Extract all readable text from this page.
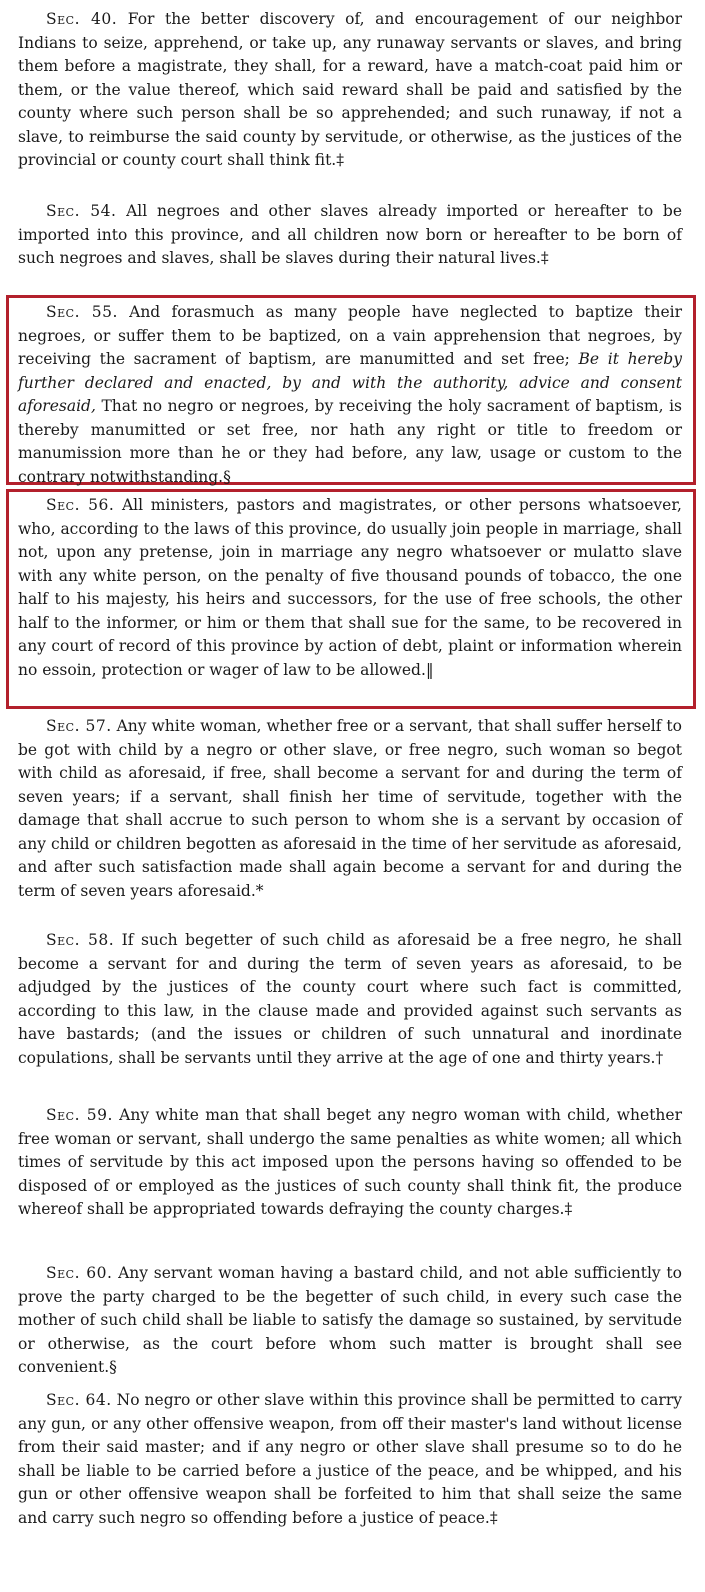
Sec. 40. For the better discovery of, and encouragement of our neighbor Indians to seize, apprehend, or take up, any runaway servants or slaves, and bring them before a magistrate, they shall, for a reward, have a match-coat paid him or them, or the value thereof, which said reward shall be paid and satisfied by the county where such person shall be so apprehended; and such runaway, if not a slave, to reimburse the said county by servitude, or otherwise, as the justices of the provincial or county court shall think fit.‡

Sec. 54. All negroes and other slaves already imported or hereafter to be imported into this province, and all children now born or hereafter to be born of such negroes and slaves, shall be slaves during their natural lives.‡

Sec. 55. And forasmuch as many people have neglected to baptize their negroes, or suffer them to be baptized, on a vain apprehension that negroes, by receiving the sacrament of baptism, are manumitted and set free; Be it hereby further declared and enacted, by and with the authority, advice and consent aforesaid, That no negro or negroes, by receiving the holy sacrament of baptism, is thereby manumitted or set free, nor hath any right or title to freedom or manumission more than he or they had before, any law, usage or custom to the contrary notwithstanding.§

Sec. 56. All ministers, pastors and magistrates, or other persons whatsoever, who, according to the laws of this province, do usually join people in marriage, shall not, upon any pretense, join in marriage any negro whatsoever or mulatto slave with any white person, on the penalty of five thousand pounds of tobacco, the one half to his majesty, his heirs and successors, for the use of free schools, the other half to the informer, or him or them that shall sue for the same, to be recovered in any court of record of this province by action of debt, plaint or information wherein no essoin, protection or wager of law to be allowed.‖

Sec. 57. Any white woman, whether free or a servant, that shall suffer herself to be got with child by a negro or other slave, or free negro, such woman so begot with child as aforesaid, if free, shall become a servant for and during the term of seven years; if a servant, shall finish her time of servitude, together with the damage that shall accrue to such person to whom she is a servant by occasion of any child or children begotten as aforesaid in the time of her servitude as aforesaid, and after such satisfaction made shall again become a servant for and during the term of seven years aforesaid.*

Sec. 58. If such begetter of such child as aforesaid be a free negro, he shall become a servant for and during the term of seven years as aforesaid, to be adjudged by the justices of the county court where such fact is committed, according to this law, in the clause made and provided against such servants as have bastards; (and the issues or children of such unnatural and inordinate copulations, shall be servants until they arrive at the age of one and thirty years.†

Sec. 59. Any white man that shall beget any negro woman with child, whether free woman or servant, shall undergo the same penalties as white women; all which times of servitude by this act imposed upon the persons having so offended to be disposed of or employed as the justices of such county shall think fit, the produce whereof shall be appropriated towards defraying the county charges.‡

Sec. 60. Any servant woman having a bastard child, and not able sufficiently to prove the party charged to be the begetter of such child, in every such case the mother of such child shall be liable to satisfy the damage so sustained, by servitude or otherwise, as the court before whom such matter is brought shall see convenient.§

Sec. 64. No negro or other slave within this province shall be permitted to carry any gun, or any other offensive weapon, from off their master's land without license from their said master; and if any negro or other slave shall presume so to do he shall be liable to be carried before a justice of the peace, and be whipped, and his gun or other offensive weapon shall be forfeited to him that shall seize the same and carry such negro so offending before a justice of peace.‡
